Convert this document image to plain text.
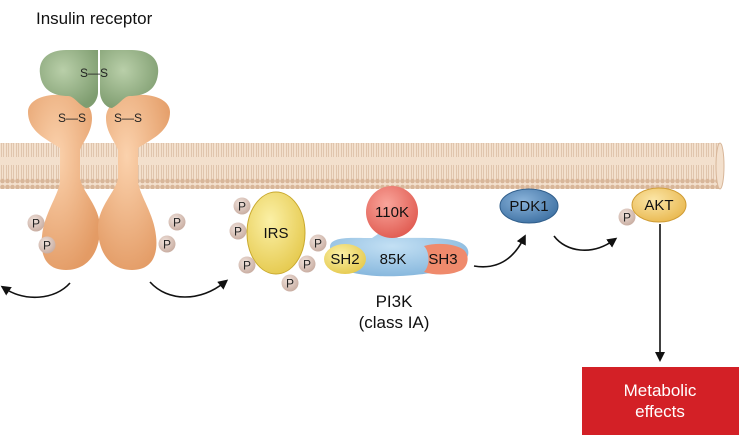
Insulin receptor
S—S
S—S S—S
P
P
P
P
IRS
P
P
P
P
P
P
110K
SH2 85K SH3
PI3K
(class IA)
PDK1	AKT
P
Metabolic
effects
